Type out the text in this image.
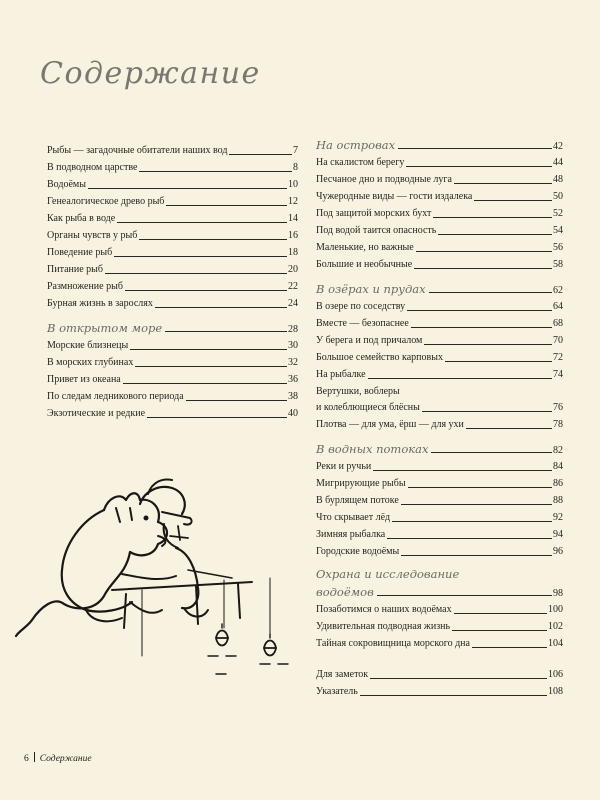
Содержание
Рыбы — загадочные обитатели наших вод	7
В подводном царстве	8
Водоёмы	10
Генеалогическое древо рыб	12
Как рыба в воде	14
Органы чувств у рыб	16
Поведение рыб	18
Питание рыб	20
Размножение рыб	22
Бурная жизнь в зарослях	24
В открытом море	28
Морские близнецы	30
В морских глубинах	32
Привет из океана	36
По следам ледникового периода	38
Экзотические и редкие	40
На островах	42
На скалистом берегу	44
Песчаное дно и подводные луга	48
Чужеродные виды — гости издалека	50
Под защитой морских бухт	52
Под водой таится опасность	54
Маленькие, но важные	56
Большие и необычные	58
В озёрах и прудах	62
В озере по соседству	64
Вместе — безопаснее	68
У берега и под причалом	70
Большое семейство карповых	72
На рыбалке	74
Вертушки, воблеры
и колеблющиеся блёсны	76
Плотва — для ума, ёрш — для ухи	78
В водных потоках	82
Реки и ручьи	84
Мигрирующие рыбы	86
В бурлящем потоке	88
Что скрывает лёд	92
Зимняя рыбалка	94
Городские водоёмы	96
Охрана и исследование
водоёмов	98
Позаботимся о наших водоёмах	100
Удивительная подводная жизнь	102
Тайная сокровищница морского дна	104
Для заметок	106
Указатель	108
6 Содержание
